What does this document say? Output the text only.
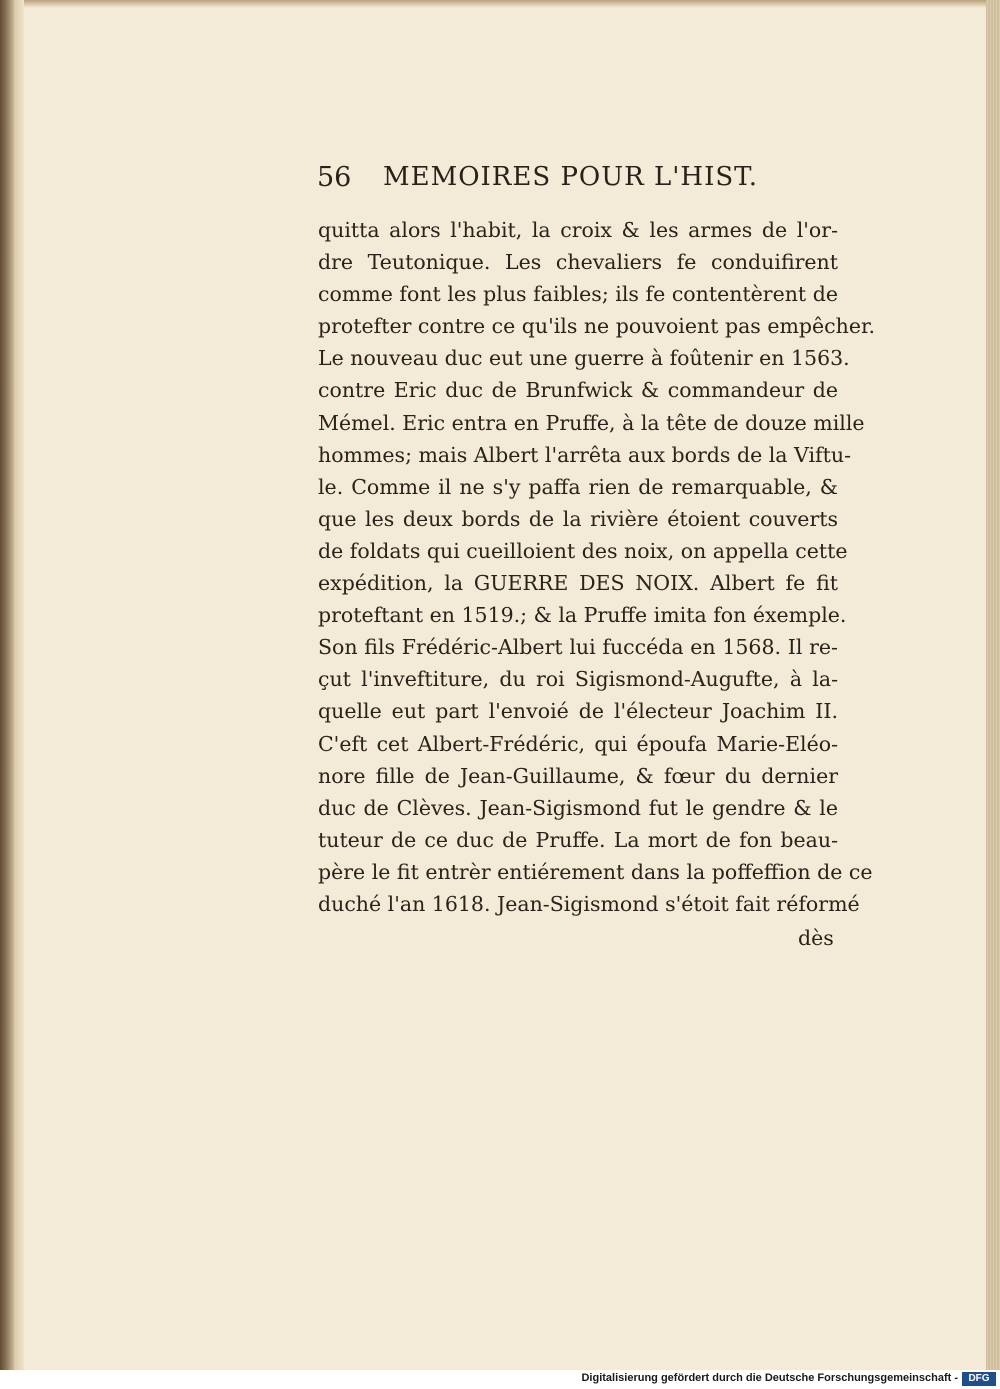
56 MEMOIRES POUR L'HIST.
quitta alors l'habit, la croix & les armes de l'or-
dre Teutonique. Les chevaliers fe conduifirent
comme font les plus faibles; ils fe contentèrent de
protefter contre ce qu'ils ne pouvoient pas empêcher.
Le nouveau duc eut une guerre à foûtenir en 1563.
contre Eric duc de Brunfwick & commandeur de
Mémel. Eric entra en Pruffe, à la tête de douze mille
hommes; mais Albert l'arrêta aux bords de la Viftu-
le. Comme il ne s'y paffa rien de remarquable, &
que les deux bords de la rivière étoient couverts
de foldats qui cueilloient des noix, on appella cette
expédition, la GUERRE DES NOIX. Albert fe fit
proteftant en 1519.; & la Pruffe imita fon éxemple.
Son fils Frédéric-Albert lui fuccéda en 1568. Il re-
çut l'inveftiture, du roi Sigismond-Augufte, à la-
quelle eut part l'envoié de l'électeur Joachim II.
C'eft cet Albert-Frédéric, qui époufa Marie-Eléo-
nore fille de Jean-Guillaume, & fœur du dernier
duc de Clèves. Jean-Sigismond fut le gendre & le
tuteur de ce duc de Pruffe. La mort de fon beau-
père le fit entrèr entiérement dans la poffeffion de ce
duché l'an 1618. Jean-Sigismond s'étoit fait réformé
dès
Digitalisierung gefördert durch die Deutsche Forschungsgemeinschaft -	DFG
